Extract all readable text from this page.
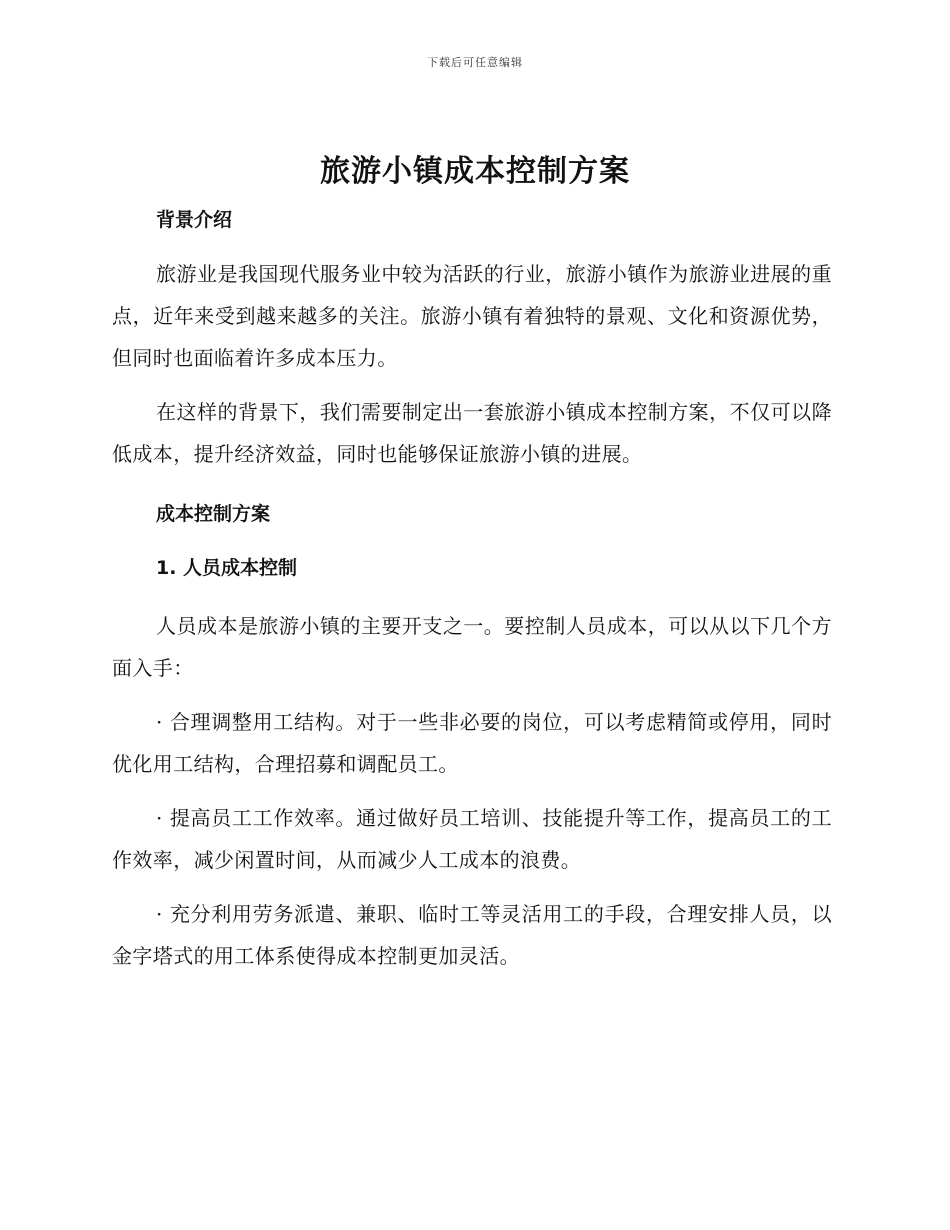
下载后可任意编辑
旅游小镇成本控制方案

背景介绍

旅游业是我国现代服务业中较为活跃的行业，旅游小镇作为旅游业进展的重点，近年来受到越来越多的关注。旅游小镇有着独特的景观、文化和资源优势，但同时也面临着许多成本压力。

在这样的背景下，我们需要制定出一套旅游小镇成本控制方案，不仅可以降低成本，提升经济效益，同时也能够保证旅游小镇的进展。

成本控制方案

1. 人员成本控制

人员成本是旅游小镇的主要开支之一。要控制人员成本，可以从以下几个方面入手：

· 合理调整用工结构。对于一些非必要的岗位，可以考虑精简或停用，同时优化用工结构，合理招募和调配员工。

· 提高员工工作效率。通过做好员工培训、技能提升等工作，提高员工的工作效率，减少闲置时间，从而减少人工成本的浪费。

· 充分利用劳务派遣、兼职、临时工等灵活用工的手段，合理安排人员，以金字塔式的用工体系使得成本控制更加灵活。
